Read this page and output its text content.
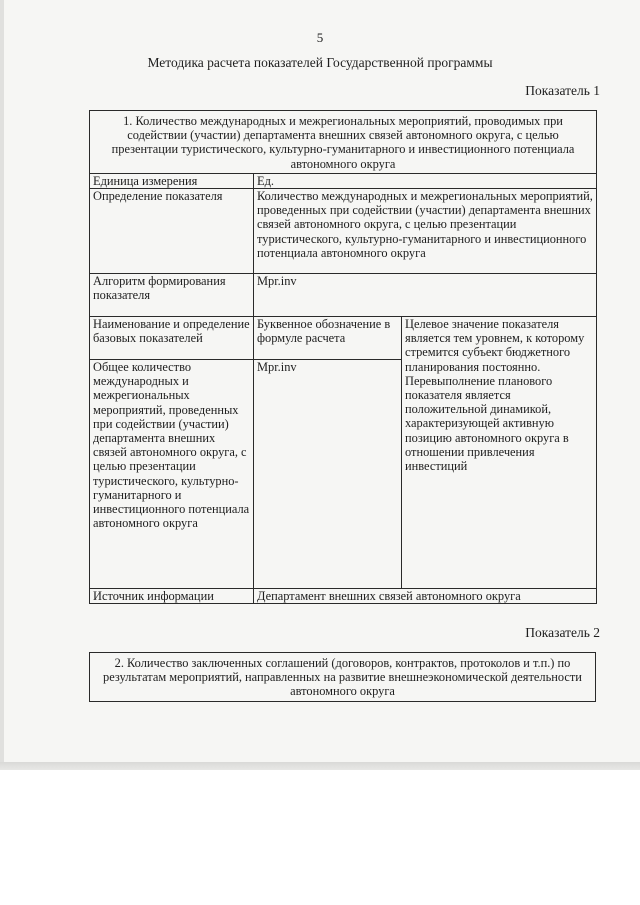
5
Методика расчета показателей Государственной программы
Показатель 1
1. Количество международных и межрегиональных мероприятий, проводимых при содействии (участии) департамента внешних связей автономного округа, с целью презентации туристического, культурно-гуманитарного и инвестиционного потенциала автономного округа		
Единица измерения	Ед.	
Определение показателя	Количество международных и межрегиональных мероприятий, проведенных при содействии (участии) департамента внешних связей автономного округа, с целью презентации туристического, культурно-гуманитарного и инвестиционного потенциала автономного округа	
Алгоритм формирования показателя	Mpr.inv	
Наименование и определение базовых показателей	Буквенное обозначение в формуле расчета	Целевое значение показателя является тем уровнем, к которому стремится субъект бюджетного планирования постоянно. Перевыполнение планового показателя является положительной динамикой, характеризующей активную позицию автономного округа в отношении привлечения инвестиций
Общее количество международных и межрегиональных мероприятий, проведенных при содействии (участии) департамента внешних связей автономного округа, с целью презентации туристического, культурно-гуманитарного и инвестиционного потенциала автономного округа	Mpr.inv	
Источник информации	Департамент внешних связей автономного округа	
Показатель 2
2. Количество заключенных соглашений (договоров, контрактов, протоколов и т.п.) по результатам мероприятий, направленных на развитие внешнеэкономической деятельности автономного округа
